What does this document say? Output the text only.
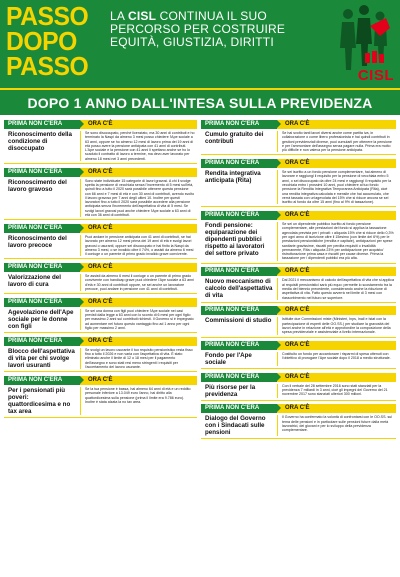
PASSO
DOPO
PASSO
LA CISL CONTINUA IL SUO PERCORSO PER COSTRUIRE EQUITÀ, GIUSTIZIA, DIRITTI
CISL
DOPO 1 ANNO DALL'INTESA SULLA PREVIDENZA
PRIMA NON C'ERA	ORA C'È
Riconoscimento della condizione di disoccupato
Se sono disoccupato, perché licenziato, ma 30 anni di contributi e ho terminato la Naspi da almeno 3 mesi posso chiedere l'Ape sociale a 63 anni, oppure se ho almeno 12 mesi di lavoro prima dei 19 anni di età posso avere la pensione anticipata con 41 anni di contributi. L'Ape sociale e la pensione con 41 anni li spettano anche se ho lo scaduto il contratto di lavoro a termine, ma devo aver lavorato per almeno 18 mesi nei 3 anni precedenti.
PRIMA NON C'ERA	ORA C'È
Riconoscimento del lavoro gravoso
Sono state individuate 15 categorie di lavori gravosi. A chi li svolge spetta la pensione di vecchiaia senza l'incremento di 5 mesi sull'età, quindi fino a tutto il 2020 sarà possibile ottenere questa pensione con 66 anni e 7 mesi di età e con 30 anni di contributi, avendo svolto il lavoro gravoso per 7 anni degli ultimi 10. Inoltre per questi lavoratori fino a tutto il 2020 sarà possibile accedere alla pensione anticipata senza l'incremento dell'aspettativa di vita di 5 mesi. Se svolgi lavori gravosi puoi anche chiedere l'Ape sociale a 63 anni di età con 36 anni di contributi.
PRIMA NON C'ERA	ORA C'È
Riconoscimento del lavoro precoce
Puoi andare in pensione anticipata con 41 anni di contributi, se hai lavorato per almeno 12 mesi prima dei 19 anni di età e svolgi lavori gravosi o usuranti, oppure sei disoccupato e hai finito la Naspi da almeno 3 mesi, o se invalido oltre il 74%, o assisti da almeno 6 mesi il coniuge o un parente di primo grado invalido grave convivente.
PRIMA NON C'ERA	ORA C'È
Valorizzazione del lavoro di cura
Se assisti da almeno 6 mesi il coniuge o un parente di primo grado convivente con handicap grave puoi chiedere l'Ape sociale a 63 anni d'età e 30 anni di contributi oppure, se sei anche un lavoratore precoce, puoi andare in pensione con 41 anni di contributi.
PRIMA NON C'ERA	ORA C'È
Agevolazione dell'Ape sociale per le donne con figli
Se sei una donna con figli puoi chiedere l'Ape sociale nei casi previsti dalla legge a 63 anni con lo sconto di 6 mesi per ogni figlio per massimo 2 anni sui contributi richiesti. Il Governo si è impegnato ad aumentare nel futuro questo vantaggio fino ad 1 anno per ogni figlio per massimo 2 anni.
PRIMA NON C'ERA	ORA C'È
Blocco dell'aspettativa di vita per chi svolge lavori usuranti
Se svolgi un lavoro usurante il tuo requisito pensionistico resta fisso fino a tutto il 2026 e non varia con l'aspettativa di vita. È stato eliminato anche il limite di 12 o 18 mesi per il pagamento dell'assegno e sono stati resi meno stringenti i requisiti per l'accertamento del lavoro usurante.
PRIMA NON C'ERA	ORA C'È
Per i pensionati più poveri: quattordicesima e no tax area
Se la tua pensione è bassa, hai almeno 64 anni di età e un reddito personale inferiore a 13.049 euro l'anno, hai diritto alla quattordicesima sulla pensione (prima il limite era 9.786 euro). Inoltre è stata alzata la no tax area.
PRIMA NON C'ERA	ORA C'È
Cumulo gratuito dei contributi
Se hai svolto tanti lavori diversi anche come partita iva, in collaborazione o come libero professionista e hai quindi contributi in gestioni previdenziali diverse, puoi cumularli per ottenere la pensione e per l'ammontare dell'assegno senza pagare nulla. Prima era molto più difficile e non valeva per la pensione anticipata.
PRIMA NON C'ERA	ORA C'È
Rendita integrativa anticipata (Rita)
Se sei iscritto a un fondo pensione complementare, hai almeno di lavorare e raggiungi il requisito per la pensione di vecchiaia entro 5 anni, o sei disoccupato da oltre 24 mesi e raggiungi il requisito per la vecchiaia entro i prossimi 10 anni, puoi chiedere al tuo fondo pensione la Rendita Integrativa Temporanea Anticipata (Rita), cioè una rendita integrativa calcolata e mensile che hai accumulato, che verrà tassata con un'agevolata del 15% che si riduce ancora se sei iscritto al fondo da oltre 15 anni (fino al 9% di tassazione).
PRIMA NON C'ERA	ORA C'È
Fondi pensione: equiparazione dei dipendenti pubblici rispetto ai lavoratori del settore privato
Se sei un dipendente pubblico iscritto al fondo pensione complementare, alle prestazioni del fondo si applica la tassazione agevolata prevista per i privati: • aliquota 15% che si riduce dello 0,3% per ogni anno di iscrizione oltre il 15esimo (con limite del 6%) per le prestazioni pensionistiche (rendita e capitale), anticipazioni per spese sanitarie gravissime, riscatti per perdita requisiti o invalidità permanente, Rita • aliquota 23% per anticipazione per acquisto/ ristrutturazione prima casa e riscatti per cause diverse. Prima la tassazione per i dipendenti pubblici era più alta.
PRIMA NON C'ERA	ORA C'È
Nuovo meccanismo di calcolo dell'aspettativa di vita
Dal 2021 il meccanismo di calcolo dell'aspettativa di vita che si applica ai requisiti pensionistici sarà più equo: permette lo scostamento tra la media del biennio precedente, considerando anche la riduzione di aspettativa di vita. Fatto questo avverrà nel limite di 3 mesi con riassorbimento nel futuro se superiore.
PRIMA NON C'ERA	ORA C'È
Commissioni di studio	Istituite due Commissioni miste (Ministeri, Inps, Inail e Istat con la partecipazione di esperti delle OO.SS.) per studiare la gravosità dei lavori anche in relazione all'età e approfondire la composizione della spesa previdenziale e assistenziale a livello internazionale.
PRIMA NON C'ERA	ORA C'È
Fondo per l'Ape sociale
Costituito un fondo per accantonare i risparmi di spesa ottenuti con l'obiettivo di prorogare l'Ape sociale dopo il 2018 a medio strutturale.
PRIMA NON C'ERA	ORA C'È
Più risorse per la previdenza
Con il verbale del 28 settembre 2016 sono stati stanziati per la previdenza 7 miliardi in 3 anni, cioè gli impegni del Governo del 21 novembre 2017 sono stanziati ulteriori 300 milioni.
PRIMA NON C'ERA	ORA C'È
Dialogo del Governo con i Sindacati sulle pensioni
Il Governo ha confermato la volontà di confrontarsi con le OO.SS. sul tema delle pensioni e in particolare sulle pensioni future dalla metà lavoratrici, dei giovani e per lo sviluppo della previdenza complementare.
